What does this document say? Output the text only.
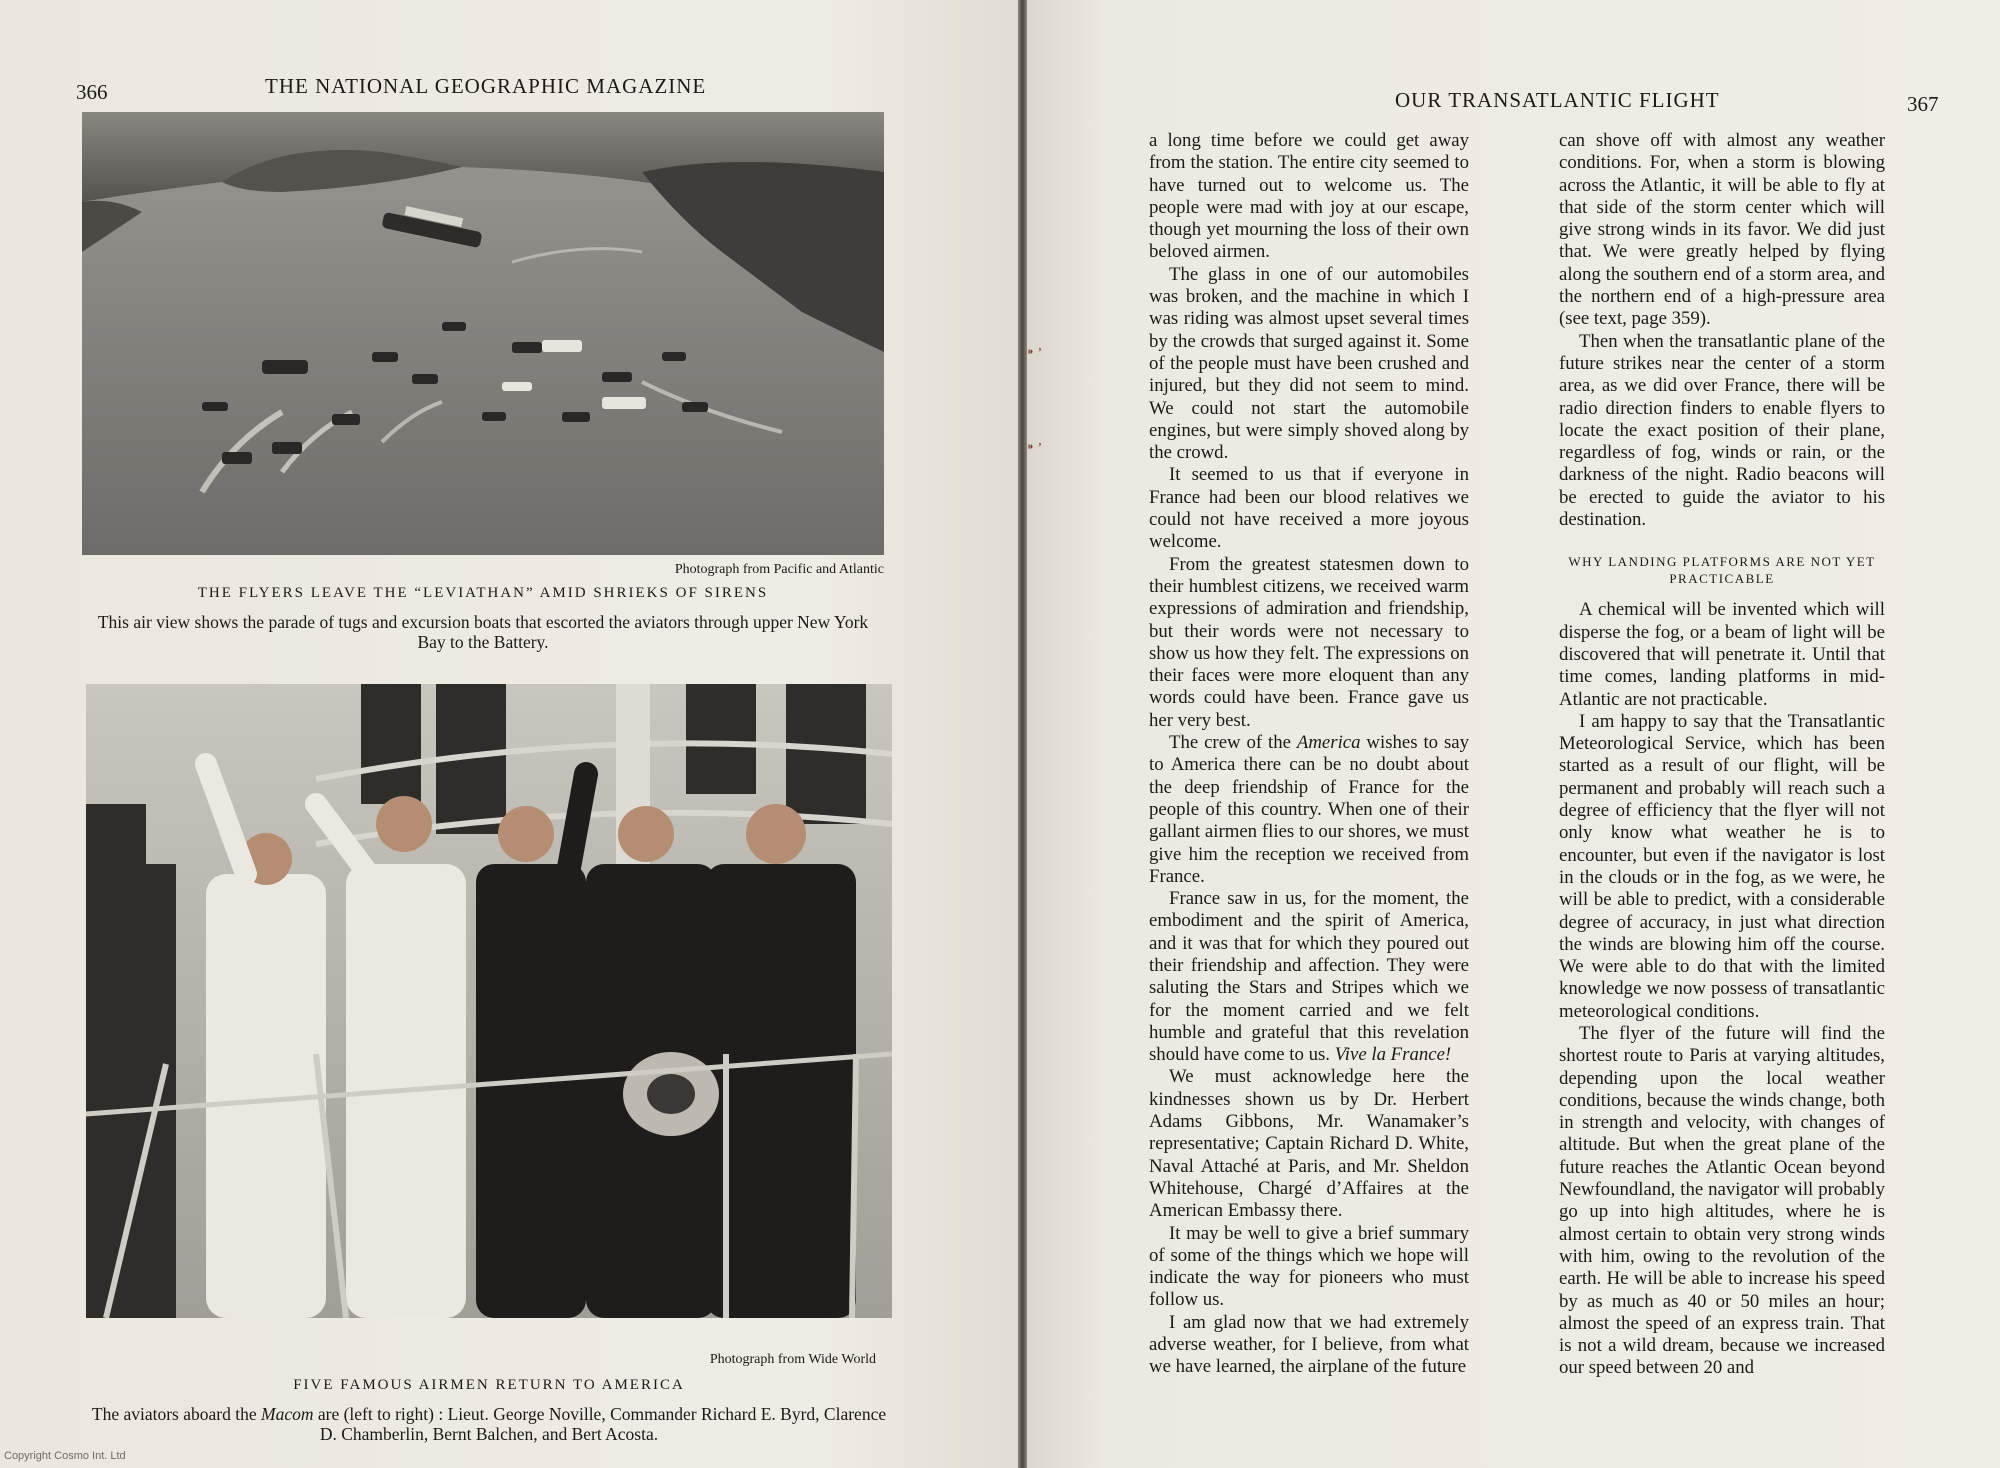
366	THE NATIONAL GEOGRAPHIC MAGAZINE
Photograph from Pacific and Atlantic
THE FLYERS LEAVE THE “LEVIATHAN” AMID SHRIEKS OF SIRENS
This air view shows the parade of tugs and excursion boats that escorted the aviators through upper New York Bay to the Battery.
Photograph from Wide World
FIVE FAMOUS AIRMEN RETURN TO AMERICA
The aviators aboard the Macom are (left to right) : Lieut. George Noville, Commander Richard E. Byrd, Clarence D. Chamberlin, Bernt Balchen, and Bert Acosta.
Copyright Cosmo Int. Ltd
OUR TRANSATLANTIC FLIGHT	367
⁍ ’
⁍ ’

a long time before we could get away from the station. The entire city seemed to have turned out to welcome us. The people were mad with joy at our escape, though yet mourning the loss of their own beloved airmen.

The glass in one of our automobiles was broken, and the machine in which I was riding was almost upset several times by the crowds that surged against it. Some of the people must have been crushed and injured, but they did not seem to mind. We could not start the automobile engines, but were simply shoved along by the crowd.

It seemed to us that if everyone in France had been our blood relatives we could not have received a more joyous welcome.

From the greatest statesmen down to their humblest citizens, we received warm expressions of admiration and friendship, but their words were not necessary to show us how they felt. The expressions on their faces were more eloquent than any words could have been. France gave us her very best.

The crew of the America wishes to say to America there can be no doubt about the deep friendship of France for the people of this country. When one of their gallant airmen flies to our shores, we must give him the reception we received from France.

France saw in us, for the moment, the embodiment and the spirit of America, and it was that for which they poured out their friendship and affection. They were saluting the Stars and Stripes which we for the moment carried and we felt humble and grateful that this revelation should have come to us. Vive la France!

We must acknowledge here the kindnesses shown us by Dr. Herbert Adams Gibbons, Mr. Wanamaker’s representative; Captain Richard D. White, Naval Attaché at Paris, and Mr. Sheldon Whitehouse, Chargé d’Affaires at the American Embassy there.

It may be well to give a brief summary of some of the things which we hope will indicate the way for pioneers who must follow us.

I am glad now that we had extremely adverse weather, for I believe, from what we have learned, the airplane of the future

can shove off with almost any weather conditions. For, when a storm is blowing across the Atlantic, it will be able to fly at that side of the storm center which will give strong winds in its favor. We did just that. We were greatly helped by flying along the southern end of a storm area, and the northern end of a high-pressure area (see text, page 359).

Then when the transatlantic plane of the future strikes near the center of a storm area, as we did over France, there will be radio direction finders to enable flyers to locate the exact position of their plane, regardless of fog, winds or rain, or the darkness of the night. Radio beacons will be erected to guide the aviator to his destination.

WHY LANDING PLATFORMS ARE NOT YET PRACTICABLE

A chemical will be invented which will disperse the fog, or a beam of light will be discovered that will penetrate it. Until that time comes, landing platforms in mid-Atlantic are not practicable.

I am happy to say that the Transatlantic Meteorological Service, which has been started as a result of our flight, will be permanent and probably will reach such a degree of efficiency that the flyer will not only know what weather he is to encounter, but even if the navigator is lost in the clouds or in the fog, as we were, he will be able to predict, with a considerable degree of accuracy, in just what direction the winds are blowing him off the course. We were able to do that with the limited knowledge we now possess of transatlantic meteorological conditions.

The flyer of the future will find the shortest route to Paris at varying altitudes, depending upon the local weather conditions, because the winds change, both in strength and velocity, with changes of altitude. But when the great plane of the future reaches the Atlantic Ocean beyond Newfoundland, the navigator will probably go up into high altitudes, where he is almost certain to obtain very strong winds with him, owing to the revolution of the earth. He will be able to increase his speed by as much as 40 or 50 miles an hour; almost the speed of an express train. That is not a wild dream, because we increased our speed between 20 and
